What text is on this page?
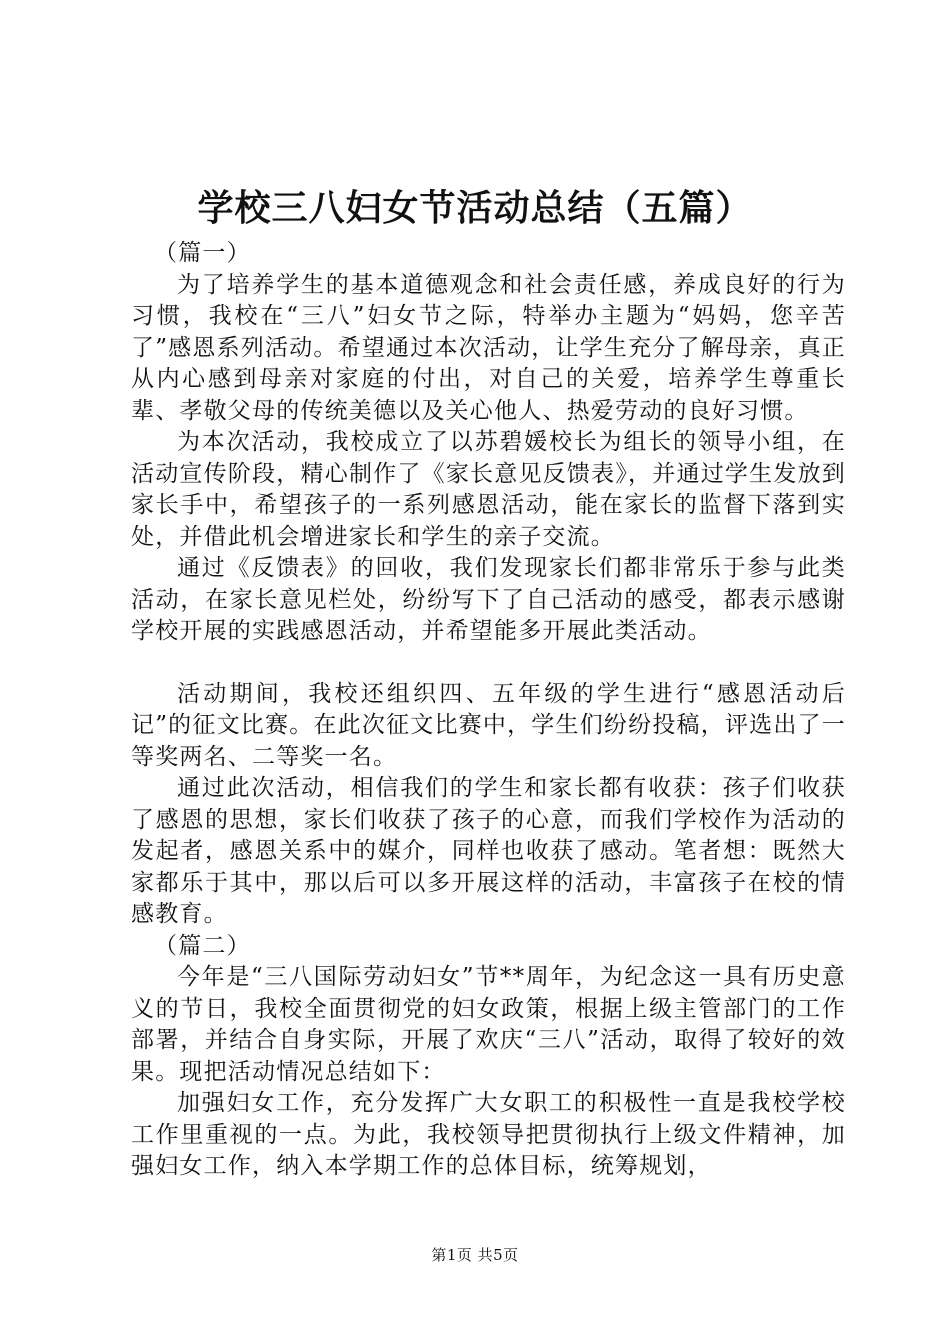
学校三八妇女节活动总结（五篇）

（篇一）

为了培养学生的基本道德观念和社会责任感，养成良好的行为习惯，我校在“三八”妇女节之际，特举办主题为“妈妈，您辛苦了”感恩系列活动。希望通过本次活动，让学生充分了解母亲，真正从内心感到母亲对家庭的付出，对自己的关爱，培养学生尊重长辈、孝敬父母的传统美德以及关心他人、热爱劳动的良好习惯。

为本次活动，我校成立了以苏碧媛校长为组长的领导小组，在活动宣传阶段，精心制作了《家长意见反馈表》，并通过学生发放到家长手中，希望孩子的一系列感恩活动，能在家长的监督下落到实处，并借此机会增进家长和学生的亲子交流。

通过《反馈表》的回收，我们发现家长们都非常乐于参与此类活动，在家长意见栏处，纷纷写下了自己活动的感受，都表示感谢学校开展的实践感恩活动，并希望能多开展此类活动。

活动期间，我校还组织四、五年级的学生进行“感恩活动后记”的征文比赛。在此次征文比赛中，学生们纷纷投稿，评选出了一等奖两名、二等奖一名。

通过此次活动，相信我们的学生和家长都有收获：孩子们收获了感恩的思想，家长们收获了孩子的心意，而我们学校作为活动的发起者，感恩关系中的媒介，同样也收获了感动。笔者想：既然大家都乐于其中，那以后可以多开展这样的活动，丰富孩子在校的情感教育。

（篇二）

今年是“三八国际劳动妇女”节**周年，为纪念这一具有历史意义的节日，我校全面贯彻党的妇女政策，根据上级主管部门的工作部署，并结合自身实际，开展了欢庆“三八”活动，取得了较好的效果。现把活动情况总结如下：

加强妇女工作，充分发挥广大女职工的积极性一直是我校学校工作里重视的一点。为此，我校领导把贯彻执行上级文件精神，加强妇女工作，纳入本学期工作的总体目标，统筹规划，

第1页 共5页
